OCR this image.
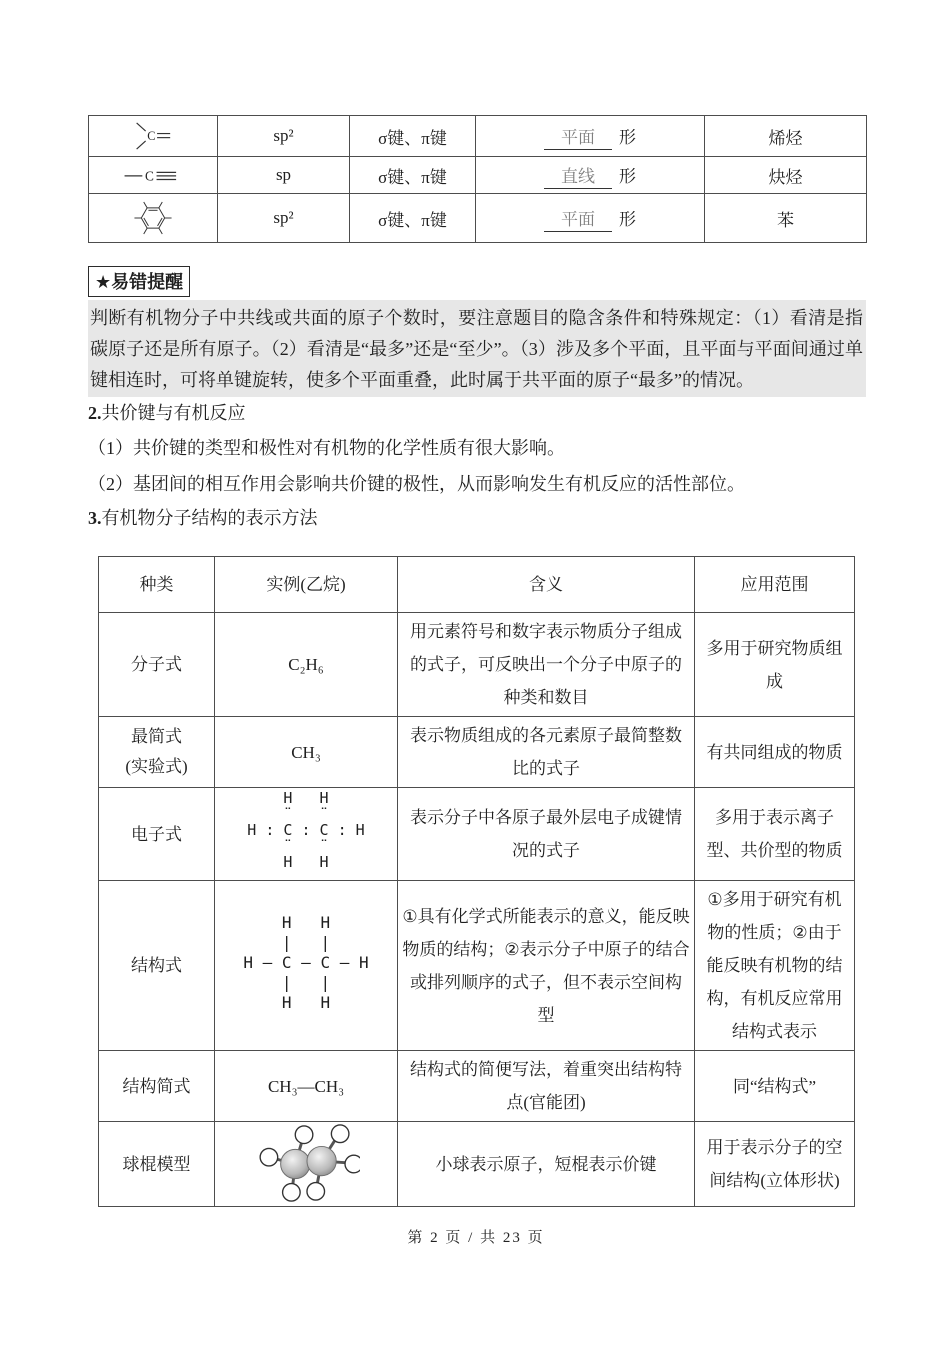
C	sp²	σ键、π键	平面 形	烯烃

C	sp	σ键、π键	直线 形	炔烃

	sp²	σ键、π键	平面 形	苯
★易错提醒
判断有机物分子中共线或共面的原子个数时，要注意题目的隐含条件和特殊规定：（1）看清是指碳原子还是所有原子。（2）看清是“最多”还是“至少”。（3）涉及多个平面，且平面与平面间通过单键相连时，可将单键旋转，使多个平面重叠，此时属于共平面的原子“最多”的情况。
2.共价键与有机反应
（1）共价键的类型和极性对有机物的化学性质有很大影响。
（2）基团间的相互作用会影响共价键的极性，从而影响发生有机反应的活性部位。
3.有机物分子结构的表示方法
种类	实例(乙烷)	含义	应用范围
分子式	C₂H₆	用元素符号和数字表示物质分子组成的式子，可反映出一个分子中原子的种类和数目	多用于研究物质组成

最简式
(实验式)	CH₃	表示物质组成的各元素原子最简整数比的式子	有共同组成的物质
电子式	H   H
¨   ¨
H : C : C : H
¨   ¨
H   H	表示分子中各原子最外层电子成键情况的式子	多用于表示离子型、共价型的物质
结构式	H   H
|   |
H — C — C — H
|   |
H   H	①具有化学式所能表示的意义，能反映物质的结构；②表示分子中原子的结合或排列顺序的式子，但不表示空间构型	①多用于研究有机物的性质；②由于能反映有机物的结构，有机反应常用结构式表示
结构简式	CH₃—CH₃	结构式的简便写法，着重突出结构特点(官能团)	同“结构式”
球棍模型		小球表示原子，短棍表示价键	用于表示分子的空间结构(立体形状)
第 2 页 / 共 23 页
